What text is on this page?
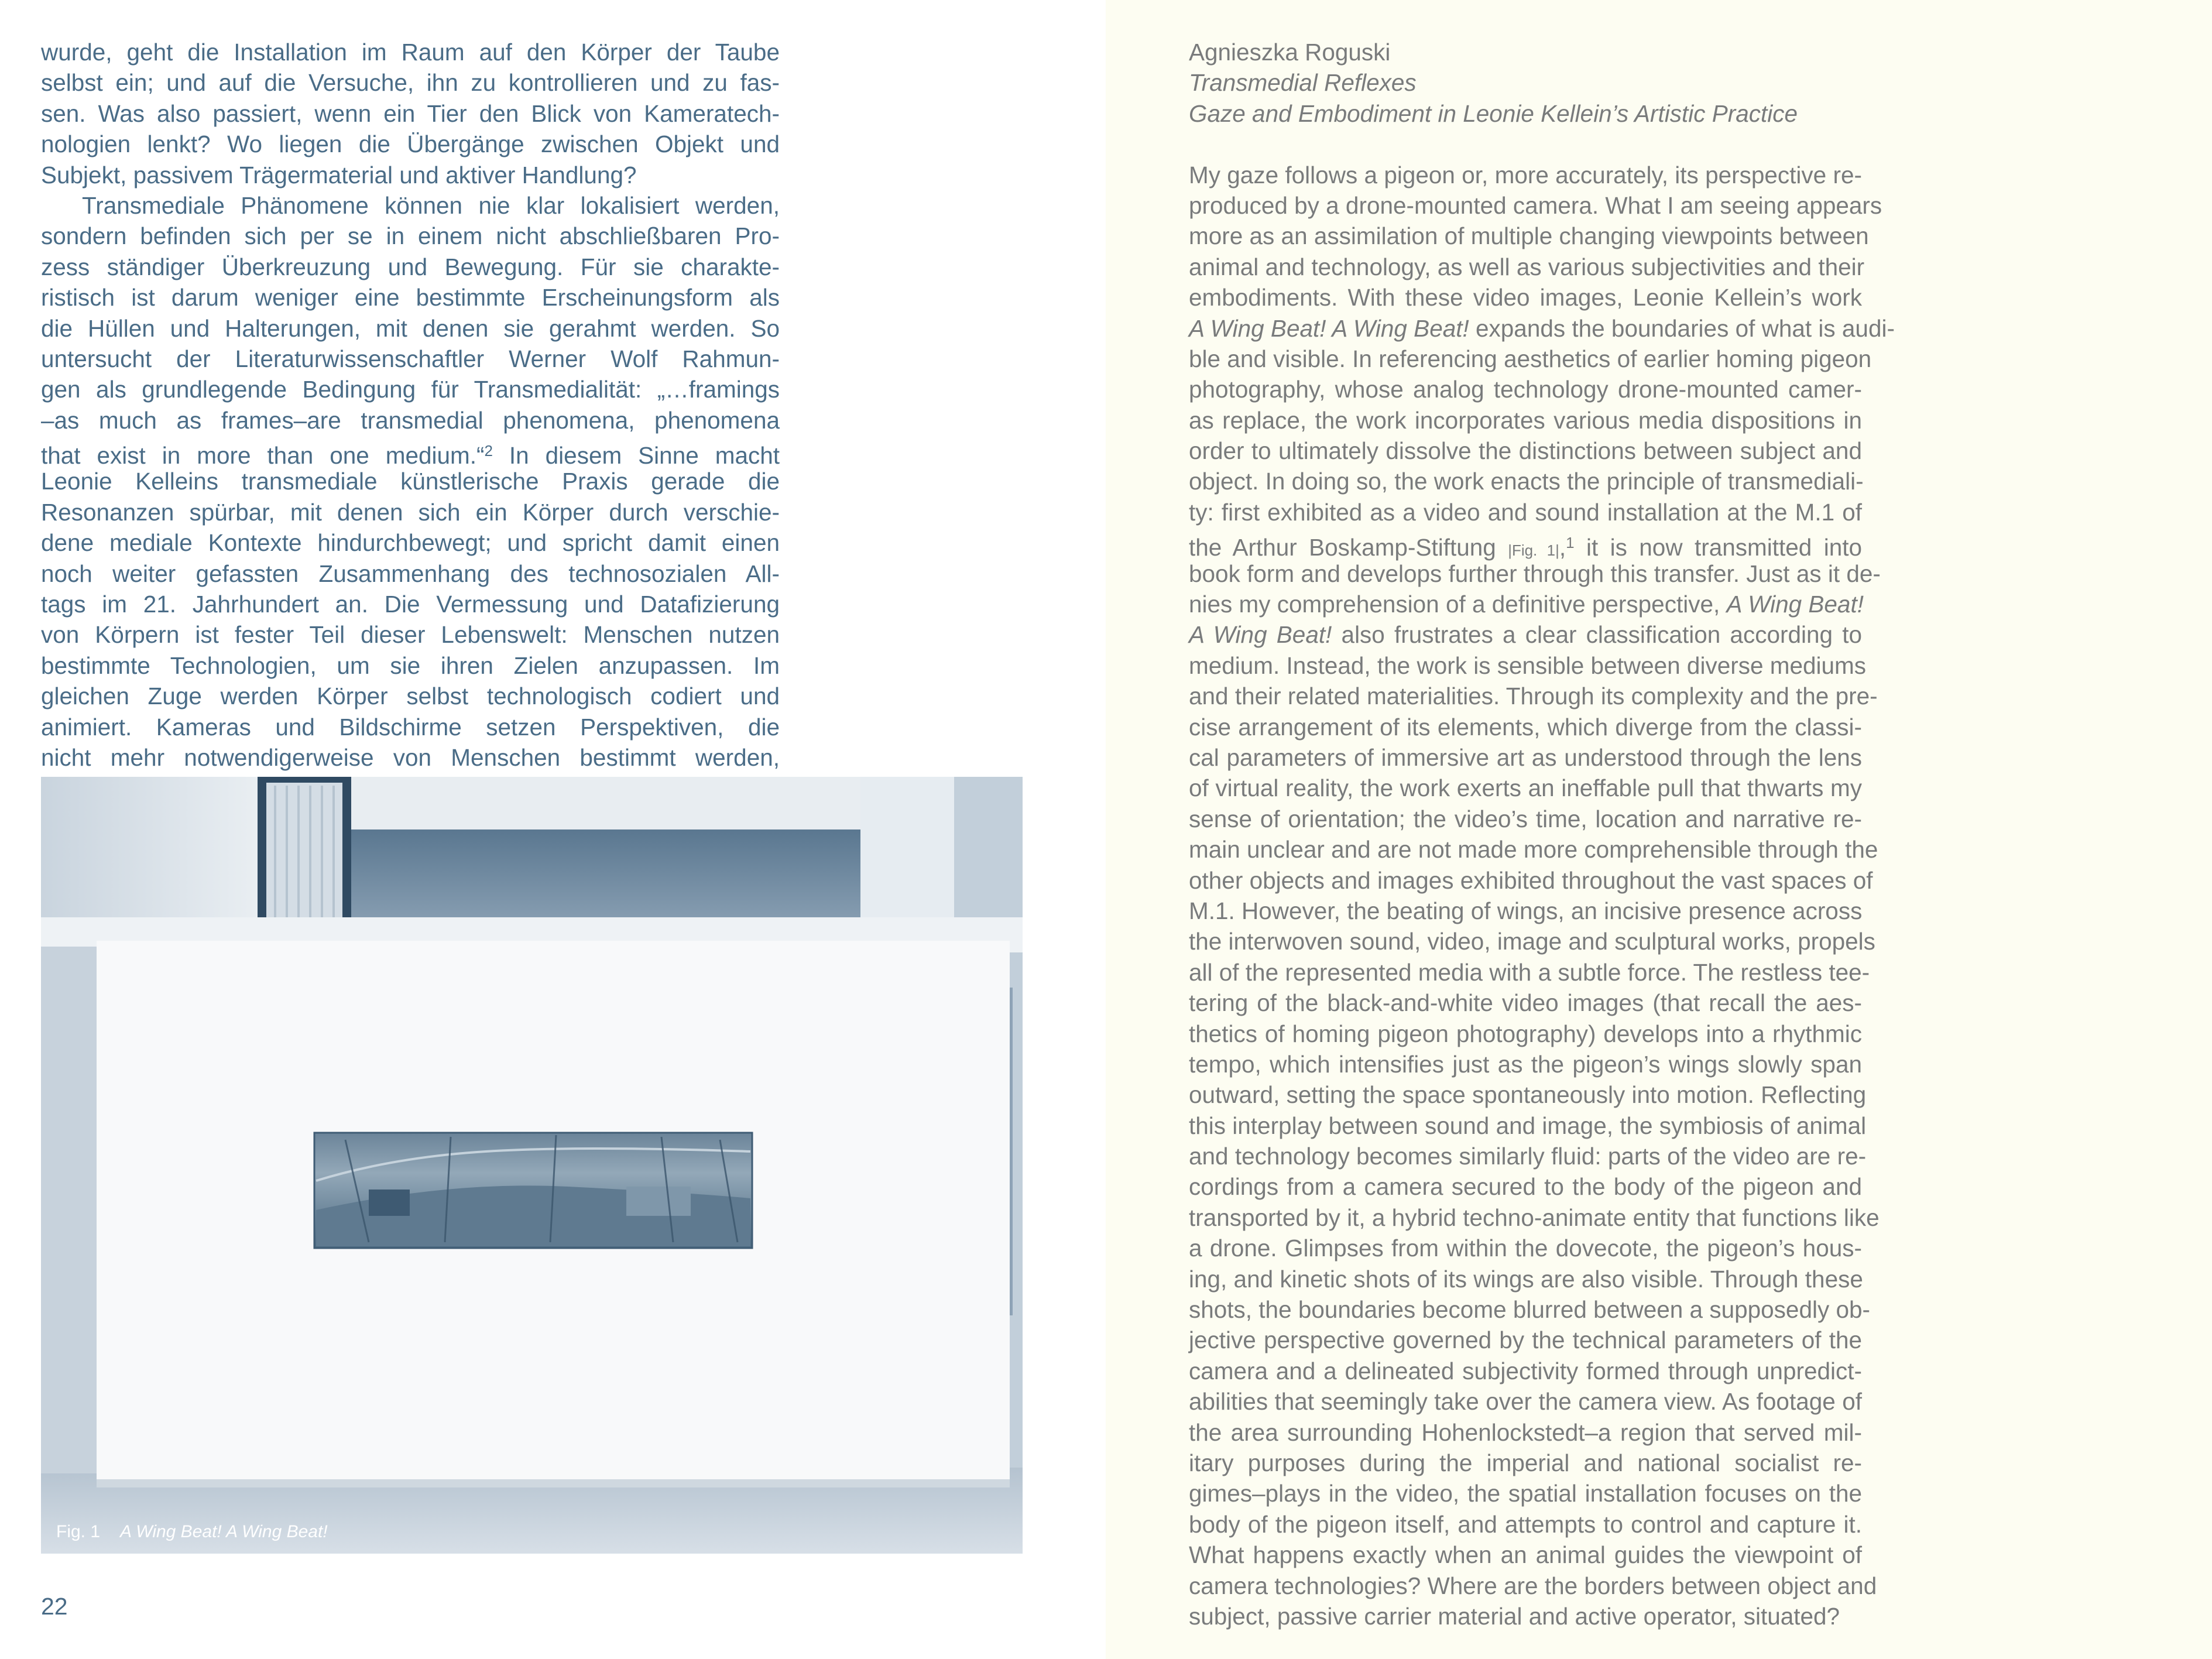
wurde, geht die Installation im Raum auf den Körper der Taube
selbst ein; und auf die Versuche, ihn zu kontrollieren und zu fas-
sen. Was also passiert, wenn ein Tier den Blick von Kameratech-
nologien lenkt? Wo liegen die Übergänge zwischen Objekt und
Subjekt, passivem Trägermaterial und aktiver Handlung?
Transmediale Phänomene können nie klar lokalisiert werden,
sondern befinden sich per se in einem nicht abschließbaren Pro-
zess ständiger Überkreuzung und Bewegung. Für sie charakte-
ristisch ist darum weniger eine bestimmte Erscheinungsform als
die Hüllen und Halterungen, mit denen sie gerahmt werden. So
untersucht der Literaturwissenschaftler Werner Wolf Rahmun-
gen als grundlegende Bedingung für Transmedialität: „…framings
–as much as frames–are transmedial phenomena, phenomena
that exist in more than one medium.“$^2$ In diesem Sinne macht
Leonie Kelleins transmediale künstlerische Praxis gerade die
Resonanzen spürbar, mit denen sich ein Körper durch verschie-
dene mediale Kontexte hindurchbewegt; und spricht damit einen
noch weiter gefassten Zusammenhang des technosozialen All-
tags im 21. Jahrhundert an. Die Vermessung und Datafizierung
von Körpern ist fester Teil dieser Lebenswelt: Menschen nutzen
bestimmte Technologien, um sie ihren Zielen anzupassen. Im
gleichen Zuge werden Körper selbst technologisch codiert und
animiert. Kameras und Bildschirme setzen Perspektiven, die
nicht mehr notwendigerweise von Menschen bestimmt werden,
Fig. 1 A Wing Beat! A Wing Beat!
22
Agnieszka Roguski
Transmedial Reflexes
Gaze and Embodiment in Leonie Kellein’s Artistic Practice
My gaze follows a pigeon or, more accurately, its perspective re-
produced by a drone-mounted camera. What I am seeing appears
more as an assimilation of multiple changing viewpoints between
animal and technology, as well as various subjectivities and their
embodiments. With these video images, Leonie Kellein’s work
A Wing Beat! A Wing Beat! expands the boundaries of what is audi-
ble and visible. In referencing aesthetics of earlier homing pigeon
photography, whose analog technology drone-mounted camer-
as replace, the work incorporates various media dispositions in
order to ultimately dissolve the distinctions between subject and
object. In doing so, the work enacts the principle of transmediali-
ty: first exhibited as a video and sound installation at the M.1 of
the Arthur Boskamp-Stiftung |Fig. 1|,$^1$ it is now transmitted into
book form and develops further through this transfer. Just as it de-
nies my comprehension of a definitive perspective, A Wing Beat!
A Wing Beat! also frustrates a clear classification according to
medium. Instead, the work is sensible between diverse mediums
and their related materialities. Through its complexity and the pre-
cise arrangement of its elements, which diverge from the classi-
cal parameters of immersive art as understood through the lens
of virtual reality, the work exerts an ineffable pull that thwarts my
sense of orientation; the video’s time, location and narrative re-
main unclear and are not made more comprehensible through the
other objects and images exhibited throughout the vast spaces of
M.1. However, the beating of wings, an incisive presence across
the interwoven sound, video, image and sculptural works, propels
all of the represented media with a subtle force. The restless tee-
tering of the black-and-white video images (that recall the aes-
thetics of homing pigeon photography) develops into a rhythmic
tempo, which intensifies just as the pigeon’s wings slowly span
outward, setting the space spontaneously into motion. Reflecting
this interplay between sound and image, the symbiosis of animal
and technology becomes similarly fluid: parts of the video are re-
cordings from a camera secured to the body of the pigeon and
transported by it, a hybrid techno-animate entity that functions like
a drone. Glimpses from within the dovecote, the pigeon’s hous-
ing, and kinetic shots of its wings are also visible. Through these
shots, the boundaries become blurred between a supposedly ob-
jective perspective governed by the technical parameters of the
camera and a delineated subjectivity formed through unpredict-
abilities that seemingly take over the camera view. As footage of
the area surrounding Hohenlockstedt–a region that served mil-
itary purposes during the imperial and national socialist re-
gimes–plays in the video, the spatial installation focuses on the
body of the pigeon itself, and attempts to control and capture it.
What happens exactly when an animal guides the viewpoint of
camera technologies? Where are the borders between object and
subject, passive carrier material and active operator, situated?
